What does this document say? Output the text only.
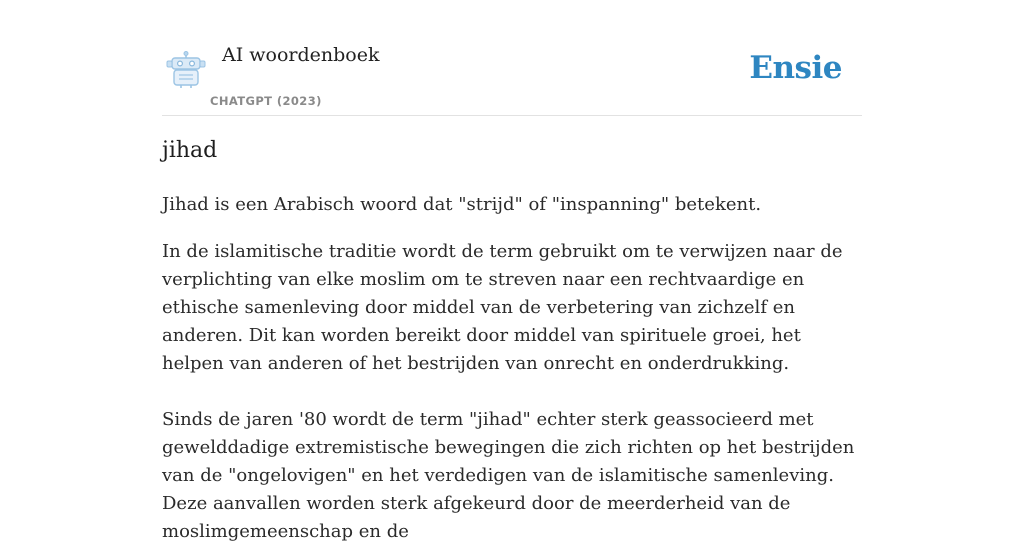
AI woordenboek
CHATGPT (2023)
Ensie
jihad

Jihad is een Arabisch woord dat "strijd" of "inspanning" betekent.

In de islamitische traditie wordt de term gebruikt om te verwijzen naar de verplichting van elke moslim om te streven naar een rechtvaardige en ethische samenleving door middel van de verbetering van zichzelf en anderen. Dit kan worden bereikt door middel van spirituele groei, het helpen van anderen of het bestrijden van onrecht en onderdrukking.

Sinds de jaren '80 wordt de term "jihad" echter sterk geassocieerd met gewelddadige extremistische bewegingen die zich richten op het bestrijden van de "ongelovigen" en het verdedigen van de islamitische samenleving. Deze aanvallen worden sterk afgekeurd door de meerderheid van de moslimgemeenschap en de
